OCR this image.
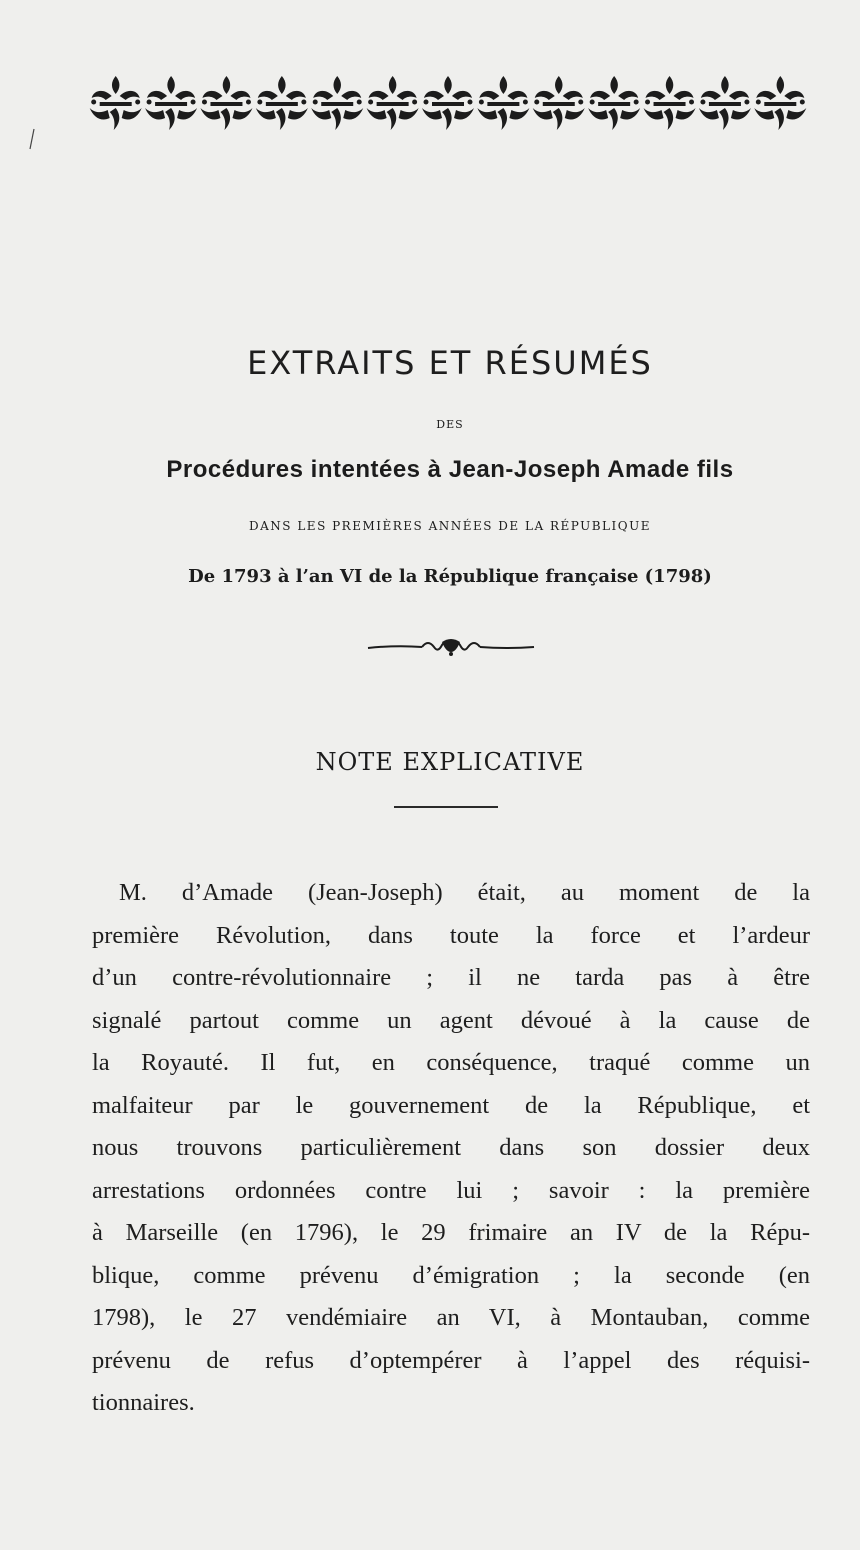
EXTRAITS ET RÉSUMÉS
DES
Procédures intentées à Jean-Joseph Amade fils
DANS LES PREMIÈRES ANNÉES DE LA RÉPUBLIQUE
De 1793 à l’an VI de la République française (1798)
NOTE EXPLICATIVE
M. d’Amade (Jean-Joseph) était, au moment de la
première Révolution, dans toute la force et l’ardeur
d’un contre-révolutionnaire ; il ne tarda pas à être
signalé partout comme un agent dévoué à la cause de
la Royauté. Il fut, en conséquence, traqué comme un
malfaiteur par le gouvernement de la République, et
nous trouvons particulièrement dans son dossier deux
arrestations ordonnées contre lui ; savoir : la première
à Marseille (en 1796), le 29 frimaire an IV de la Répu-
blique, comme prévenu d’émigration ; la seconde (en
1798), le 27 vendémiaire an VI, à Montauban, comme
prévenu de refus d’optempérer à l’appel des réquisi-
tionnaires.
